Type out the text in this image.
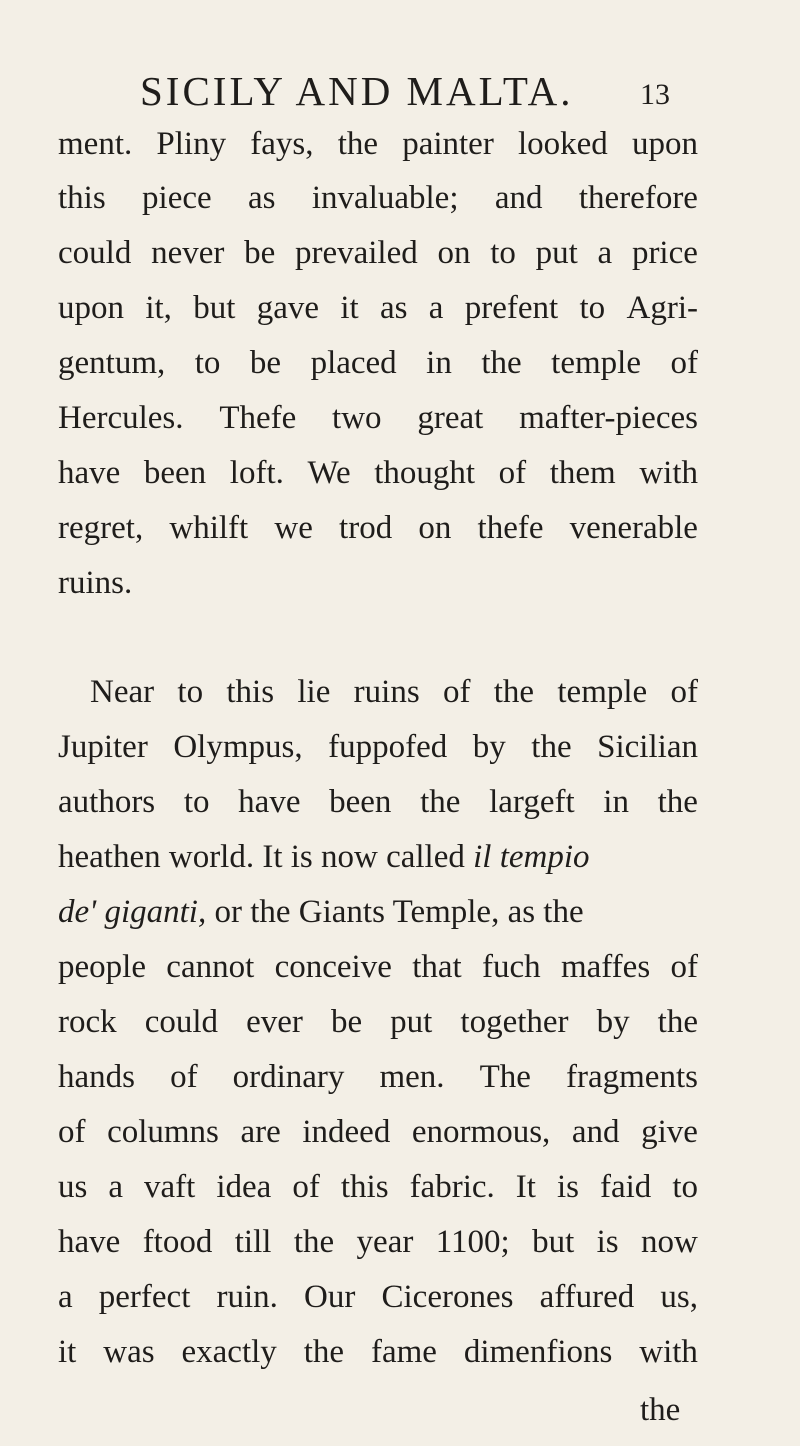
SICILY AND MALTA.	13
ment. Pliny fays, the painter looked upon
this piece as invaluable; and therefore
could never be prevailed on to put a price
upon it, but gave it as a prefent to Agri-
gentum, to be placed in the temple of
Hercules. Thefe two great mafter-pieces
have been loft. We thought of them with
regret, whilft we trod on thefe venerable
ruins.
Near to this lie ruins of the temple of
Jupiter Olympus, fuppofed by the Sicilian
authors to have been the largeft in the
heathen world. It is now called
il tempio
de' giganti,
or the Giants Temple, as the
people cannot conceive that fuch maffes of
rock could ever be put together by the
hands of ordinary men. The fragments
of columns are indeed enormous, and give
us a vaft idea of this fabric. It is faid to
have ftood till the year 1100; but is now
a perfect ruin. Our Cicerones affured us,
it was exactly the fame dimenfions with
the
